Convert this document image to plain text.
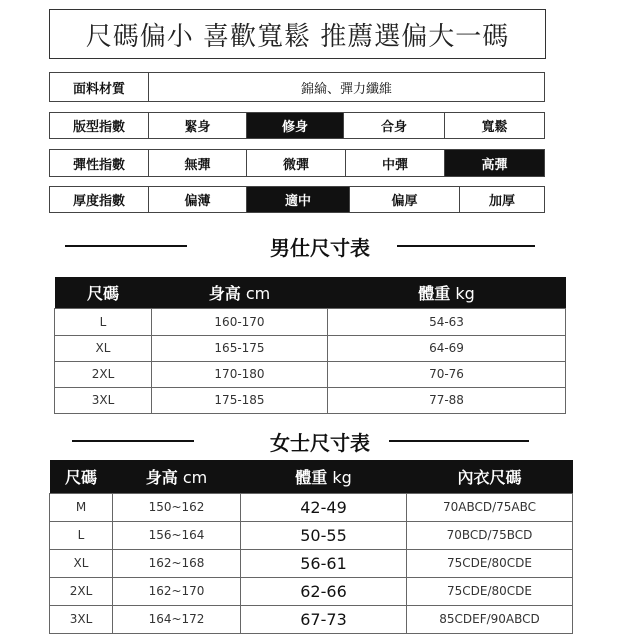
尺碼偏小 喜歡寬鬆 推薦選偏大一碼
面料材質	錦綸、彈力纖維
版型指數	緊身	修身	合身	寬鬆
彈性指數	無彈	微彈	中彈	高彈
厚度指數	偏薄	適中	偏厚	加厚
男仕尺寸表
尺碼	身高 cm	體重 kg
L	160-170	54-63
XL	165-175	64-69
2XL	170-180	70-76
3XL	175-185	77-88
女士尺寸表
尺碼	身高 cm	體重 kg	內衣尺碼
M	150~162	42-49	70ABCD/75ABC
L	156~164	50-55	70BCD/75BCD
XL	162~168	56-61	75CDE/80CDE
2XL	162~170	62-66	75CDE/80CDE
3XL	164~172	67-73	85CDEF/90ABCD
